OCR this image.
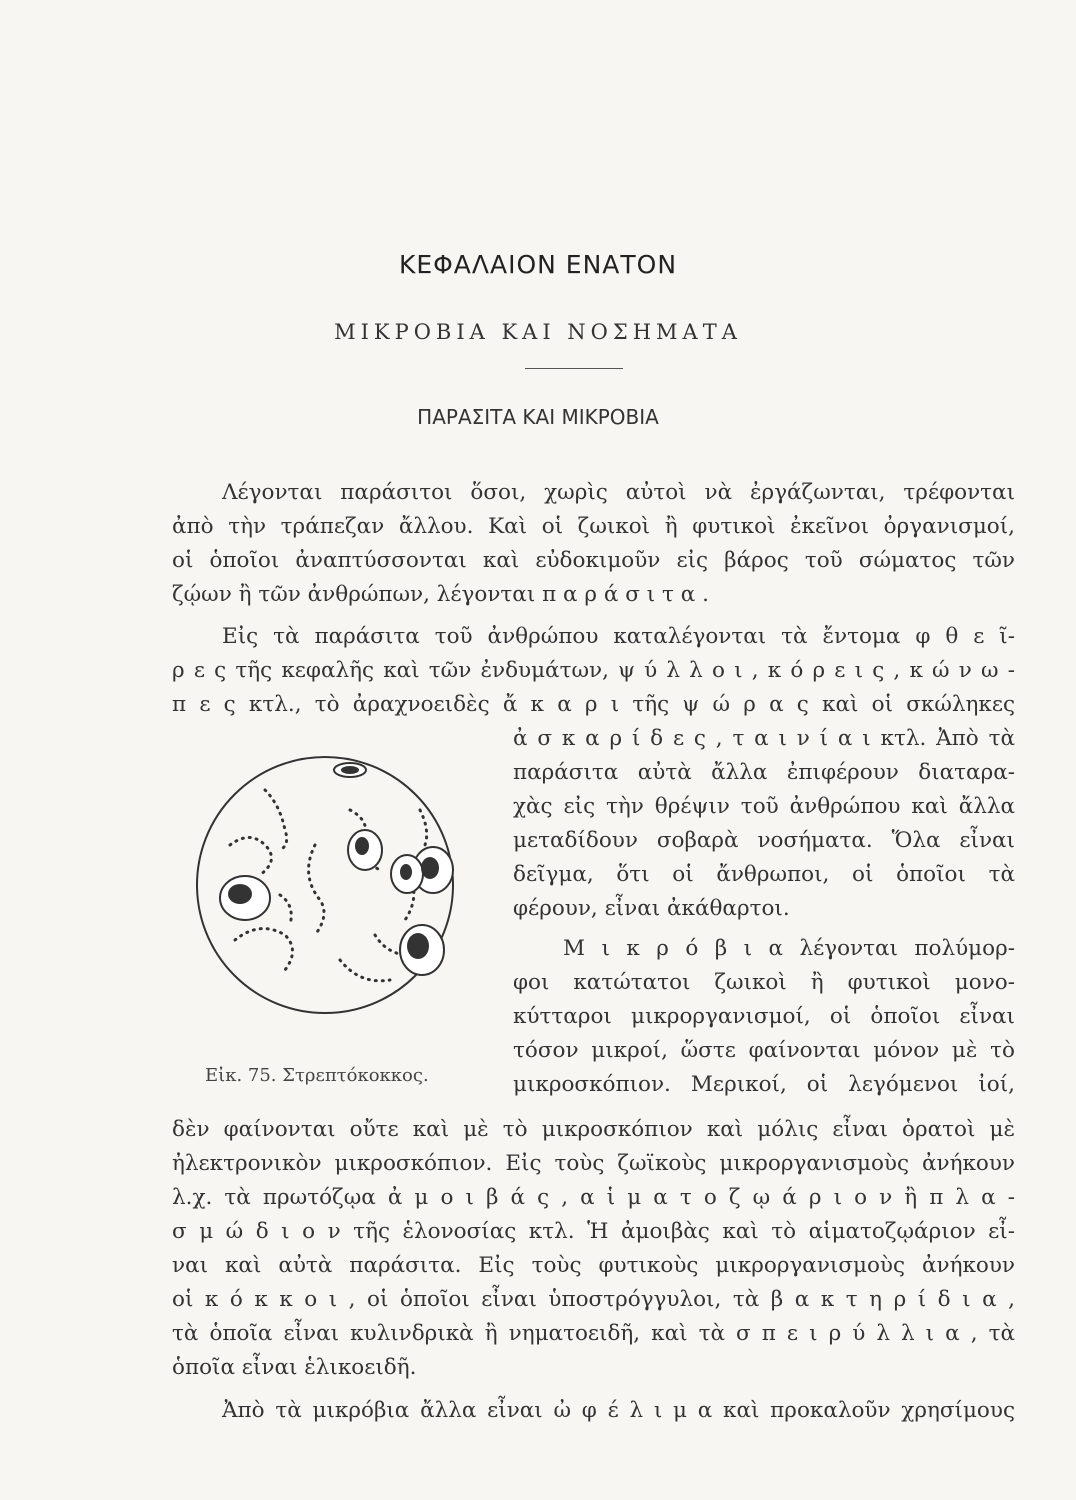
ΚΕΦΑΛΑΙΟΝ ΕΝΑΤΟΝ
ΜΙΚΡΟΒΙΑ ΚΑΙ ΝΟΣΗΜΑΤΑ
ΠΑΡΑΣΙΤΑ ΚΑΙ ΜΙΚΡΟΒΙΑ
Λέγονται παράσιτοι ὅσοι, χωρὶς αὐτοὶ νὰ ἐργάζωνται, τρέφονται
ἀπὸ τὴν τράπεζαν ἄλλου. Καὶ οἱ ζωικοὶ ἢ φυτικοὶ ἐκεῖνοι ὀργανισμοί,
οἱ ὁποῖοι ἀναπτύσσονται καὶ εὐδοκιμοῦν εἰς βάρος τοῦ σώματος τῶν
ζῴων ἢ τῶν ἀνθρώπων, λέγονται π α ρ ά σ ι τ α .
Εἰς τὰ παράσιτα τοῦ ἀνθρώπου καταλέγονται τὰ ἔντομα φ θ ε ῖ-
ρ ε ς τῆς κεφαλῆς καὶ τῶν ἐνδυμάτων, ψ ύ λ λ ο ι , κ ό ρ ε ι ς , κ ώ ν ω -
π ε ς κτλ., τὸ ἀραχνοειδὲς ἄ κ α ρ ι τῆς ψ ώ ρ α ς καὶ οἱ σκώληκες
ἀ σ κ α ρ ί δ ε ς , τ α ι ν ί α ι κτλ. Ἀπὸ τὰ
παράσιτα αὐτὰ ἄλλα ἐπιφέρουν διαταρα-
χὰς εἰς τὴν θρέψιν τοῦ ἀνθρώπου καὶ ἄλλα
μεταδίδουν σοβαρὰ νοσήματα. Ὅλα εἶναι
δεῖγμα, ὅτι οἱ ἄνθρωποι, οἱ ὁποῖοι τὰ
φέρουν, εἶναι ἀκάθαρτοι.
Μ ι κ ρ ό β ι α λέγονται πολύμορ-
φοι κατώτατοι ζωικοὶ ἢ φυτικοὶ μονο-
κύτταροι μικροργανισμοί, οἱ ὁποῖοι εἶναι
τόσον μικροί, ὥστε φαίνονται μόνον μὲ τὸ
μικροσκόπιον. Μερικοί, οἱ λεγόμενοι ἰοί,
δὲν φαίνονται οὔτε καὶ μὲ τὸ μικροσκόπιον καὶ μόλις εἶναι ὁρατοὶ μὲ
ἠλεκτρονικὸν μικροσκόπιον. Εἰς τοὺς ζωϊκοὺς μικροργανισμοὺς ἀνήκουν
λ.χ. τὰ πρωτόζῳα ἀ μ ο ι β ά ς , α ἱ μ α τ ο ζ ῳ ά ρ ι ο ν ἢ π λ α -
σ μ ώ δ ι ο ν τῆς ἑλονοσίας κτλ. Ἡ ἀμοιβὰς καὶ τὸ αἱματοζῳάριον εἶ-
ναι καὶ αὐτὰ παράσιτα. Εἰς τοὺς φυτικοὺς μικροργανισμοὺς ἀνήκουν
οἱ κ ό κ κ ο ι , οἱ ὁποῖοι εἶναι ὑποστρόγγυλοι, τὰ β α κ τ η ρ ί δ ι α ,
τὰ ὁποῖα εἶναι κυλινδρικὰ ἢ νηματοειδῆ, καὶ τὰ σ π ε ι ρ ύ λ λ ι α , τὰ
ὁποῖα εἶναι ἑλικοειδῆ.
Ἀπὸ τὰ μικρόβια ἄλλα εἶναι ὠ φ έ λ ι μ α καὶ προκαλοῦν χρησίμους
Εἰκ. 75. Στρεπτόκοκκος.
